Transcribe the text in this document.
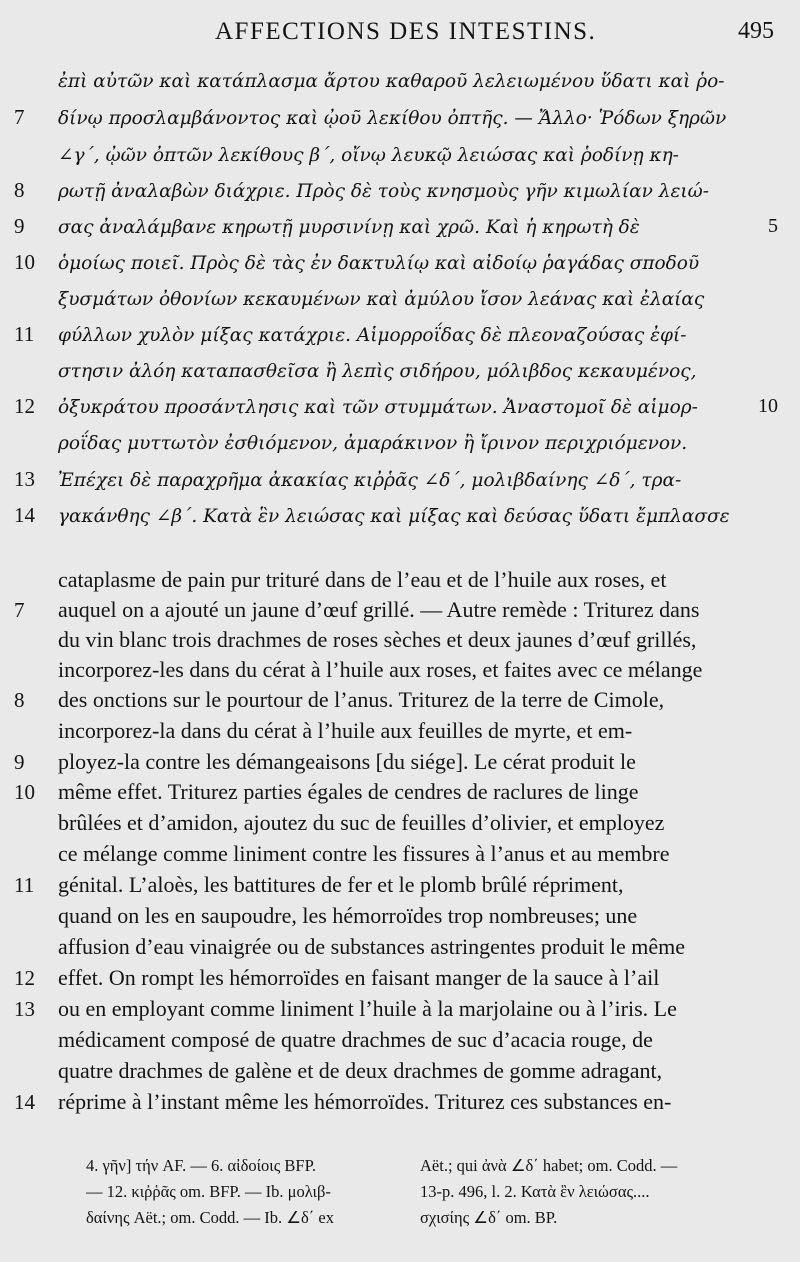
AFFECTIONS DES INTESTINS.	495
ἐπὶ αὐτῶν καὶ κατάπλασμα ἄρτου καθαροῦ λελειωμένου ὕδατι καὶ ῥο-
7	δίνῳ προσλαμβάνοντος καὶ ᾠοῦ λεκίθου ὀπτῆς. — Ἄλλο· Ῥόδων ξηρῶν
∠γ΄, ᾠῶν ὀπτῶν λεκίθους β΄, οἴνῳ λευκῷ λειώσας καὶ ῥοδίνῃ κη-
8	ρωτῇ ἀναλαβὼν διάχριε. Πρὸς δὲ τοὺς κνησμοὺς γῆν κιμωλίαν λειώ-
9	σας ἀναλάμβανε κηρωτῇ μυρσινίνῃ καὶ χρῶ. Καὶ ἡ κηρωτὴ δὲ	5
10	ὁμοίως ποιεῖ. Πρὸς δὲ τὰς ἐν δακτυλίῳ καὶ αἰδοίῳ ῥαγάδας σποδοῦ
ξυσμάτων ὀθονίων κεκαυμένων καὶ ἀμύλου ἴσον λεάνας καὶ ἐλαίας
11	φύλλων χυλὸν μίξας κατάχριε. Αἱμορροΐδας δὲ πλεοναζούσας ἐφί-
στησιν ἀλόη καταπασθεῖσα ἢ λεπὶς σιδήρου, μόλιβδος κεκαυμένος,
12	ὀξυκράτου προσάντλησις καὶ τῶν στυμμάτων. Ἀναστομοῖ δὲ αἱμορ-	10
ροΐδας μυττωτὸν ἐσθιόμενον, ἀμαράκινον ἢ ἴρινον περιχριόμενον.
13	Ἐπέχει δὲ παραχρῆμα ἀκακίας κιῤῥᾶς ∠δ΄, μολιβδαίνης ∠δ΄, τρα-
14	γακάνθης ∠β΄. Κατὰ ἓν λειώσας καὶ μίξας καὶ δεύσας ὕδατι ἔμπλασσε
cataplasme de pain pur trituré dans de l’eau et de l’huile aux roses, et
7	auquel on a ajouté un jaune d’œuf grillé. — Autre remède : Triturez dans
du vin blanc trois drachmes de roses sèches et deux jaunes d’œuf grillés,
incorporez-les dans du cérat à l’huile aux roses, et faites avec ce mélange
8	des onctions sur le pourtour de l’anus. Triturez de la terre de Cimole,
incorporez-la dans du cérat à l’huile aux feuilles de myrte, et em-
9	ployez-la contre les démangeaisons [du siége]. Le cérat produit le
10	même effet. Triturez parties égales de cendres de raclures de linge
brûlées et d’amidon, ajoutez du suc de feuilles d’olivier, et employez
ce mélange comme liniment contre les fissures à l’anus et au membre
11	génital. L’aloès, les battitures de fer et le plomb brûlé répriment,
quand on les en saupoudre, les hémorroïdes trop nombreuses; une
affusion d’eau vinaigrée ou de substances astringentes produit le même
12	effet. On rompt les hémorroïdes en faisant manger de la sauce à l’ail
13	ou en employant comme liniment l’huile à la marjolaine ou à l’iris. Le
médicament composé de quatre drachmes de suc d’acacia rouge, de
quatre drachmes de galène et de deux drachmes de gomme adragant,
14	réprime à l’instant même les hémorroïdes. Triturez ces substances en-
4. γῆν] τήν AF. — 6. αἰδοίοις BFP.
— 12. κιῤῥᾶς om. BFP. — Ib. μολιβ-
δαίνης Aët.; om. Codd. — Ib. ∠δ΄ ex
Aët.; qui ἀνὰ ∠δ΄ habet; om. Codd. —
13-p. 496, l. 2. Κατὰ ἓν λειώσας....
σχισίης ∠δ΄ om. BP.
